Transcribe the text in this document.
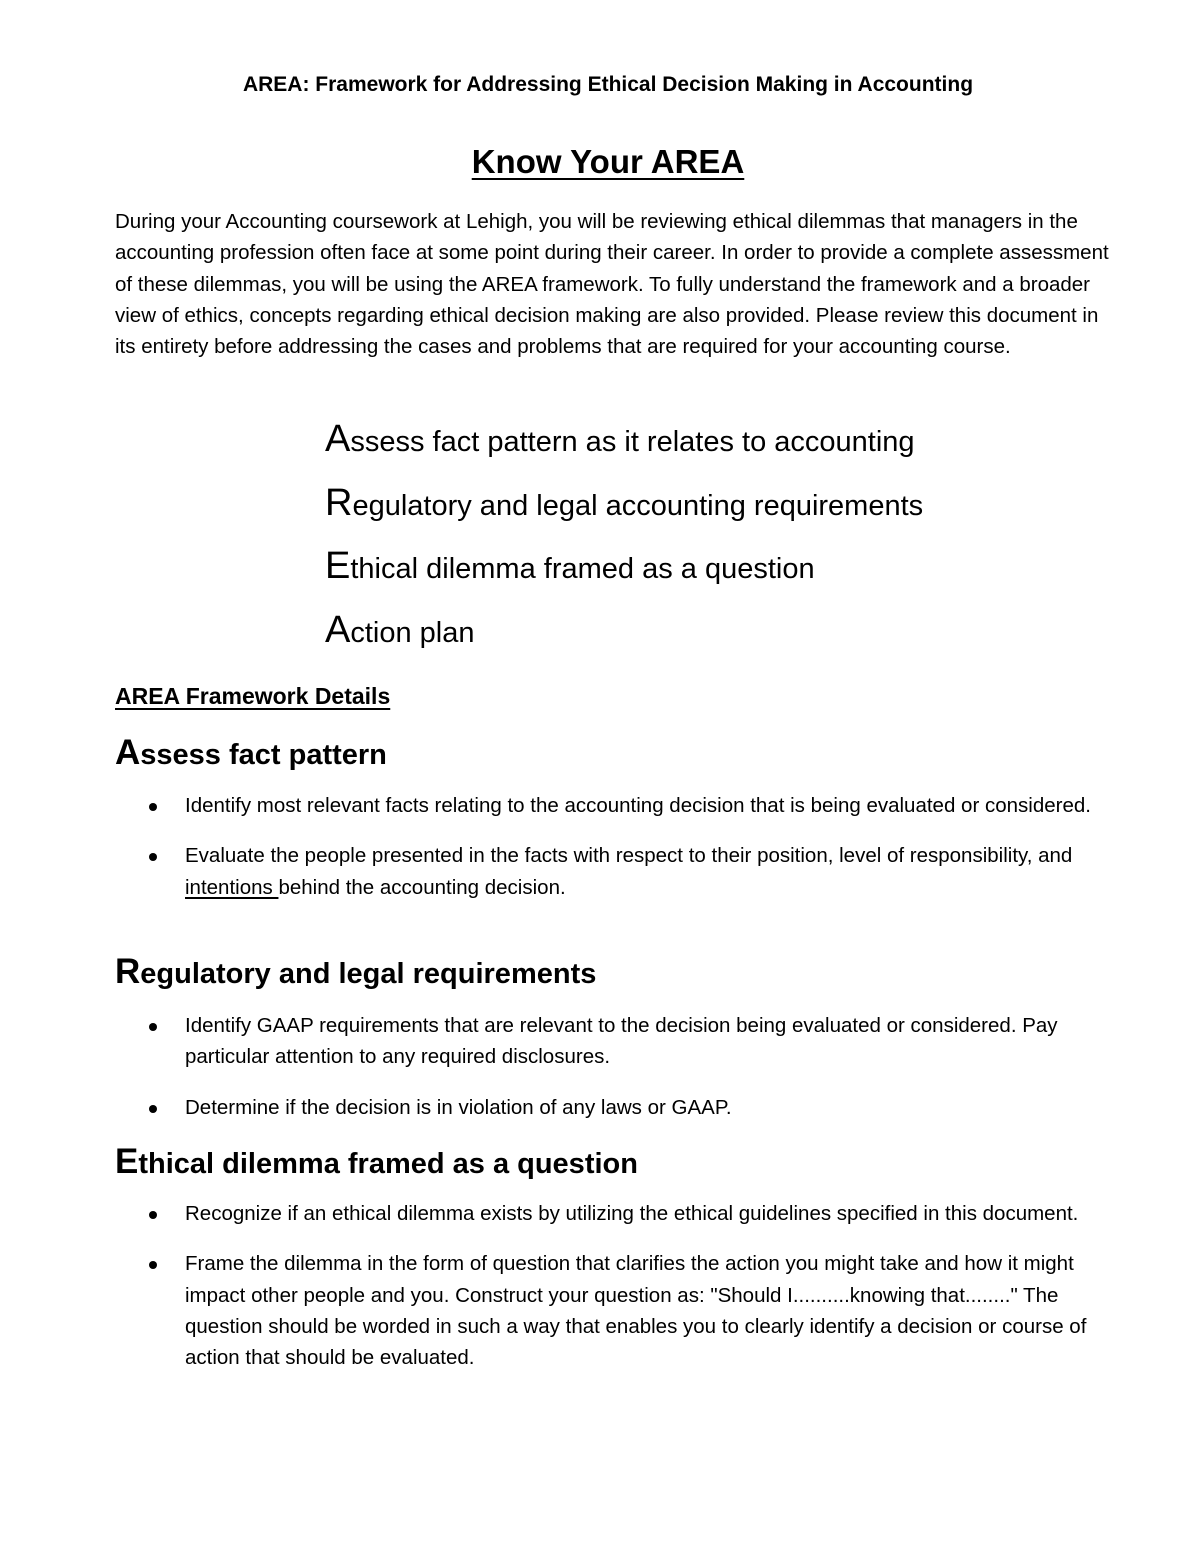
AREA: Framework for Addressing Ethical Decision Making in Accounting
Know Your AREA

During your Accounting coursework at Lehigh, you will be reviewing ethical dilemmas that managers in the accounting profession often face at some point during their career. In order to provide a complete assessment of these dilemmas, you will be using the AREA framework. To fully understand the framework and a broader view of ethics, concepts regarding ethical decision making are also provided. Please review this document in its entirety before addressing the cases and problems that are required for your accounting course.

Assess fact pattern as it relates to accounting
Regulatory and legal accounting requirements
Ethical dilemma framed as a question
Action plan
AREA Framework Details
Assess fact pattern
Identify most relevant facts relating to the accounting decision that is being evaluated or considered.
Evaluate the people presented in the facts with respect to their position, level of responsibility, and intentions behind the accounting decision.
Regulatory and legal requirements
Identify GAAP requirements that are relevant to the decision being evaluated or considered. Pay particular attention to any required disclosures.
Determine if the decision is in violation of any laws or GAAP.
Ethical dilemma framed as a question
Recognize if an ethical dilemma exists by utilizing the ethical guidelines specified in this document.
Frame the dilemma in the form of question that clarifies the action you might take and how it might impact other people and you. Construct your question as: "Should I..........knowing that........" The question should be worded in such a way that enables you to clearly identify a decision or course of action that should be evaluated.
